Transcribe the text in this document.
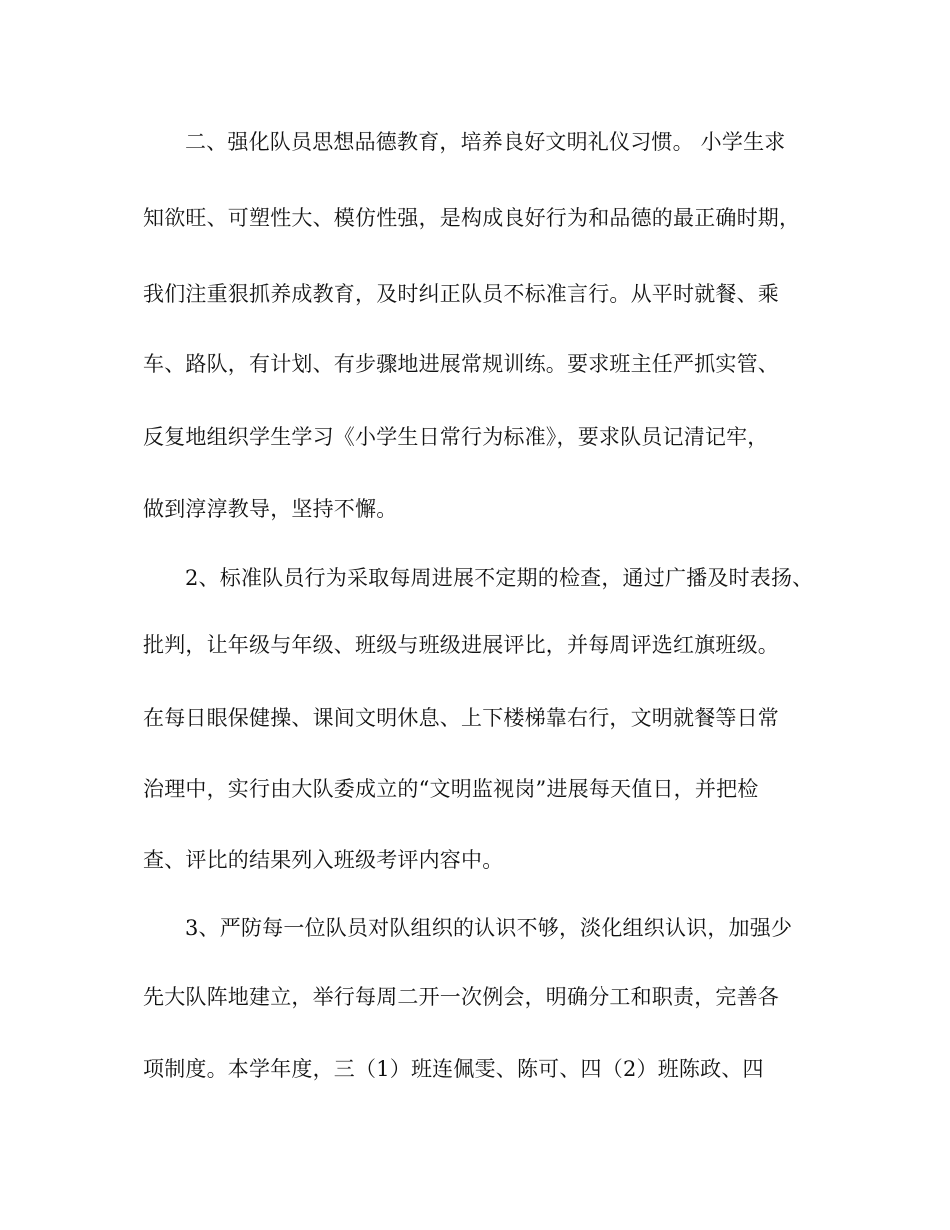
二、强化队员思想品德教育，培养良好文明礼仪习惯。 小学生求
知欲旺、可塑性大、模仿性强，是构成良好行为和品德的最正确时期，
我们注重狠抓养成教育，及时纠正队员不标准言行。从平时就餐、乘
车、路队，有计划、有步骤地进展常规训练。要求班主任严抓实管、
反复地组织学生学习《小学生日常行为标准》，要求队员记清记牢，
做到淳淳教导，坚持不懈。
2、标准队员行为采取每周进展不定期的检查，通过广播及时表扬、
批判，让年级与年级、班级与班级进展评比，并每周评选红旗班级。
在每日眼保健操、课间文明休息、上下楼梯靠右行，文明就餐等日常
治理中，实行由大队委成立的“文明监视岗”进展每天值日，并把检
查、评比的结果列入班级考评内容中。
3、严防每一位队员对队组织的认识不够，淡化组织认识，加强少
先大队阵地建立，举行每周二开一次例会，明确分工和职责，完善各
项制度。本学年度，三（1）班连佩雯、陈可、四（2）班陈政、四
